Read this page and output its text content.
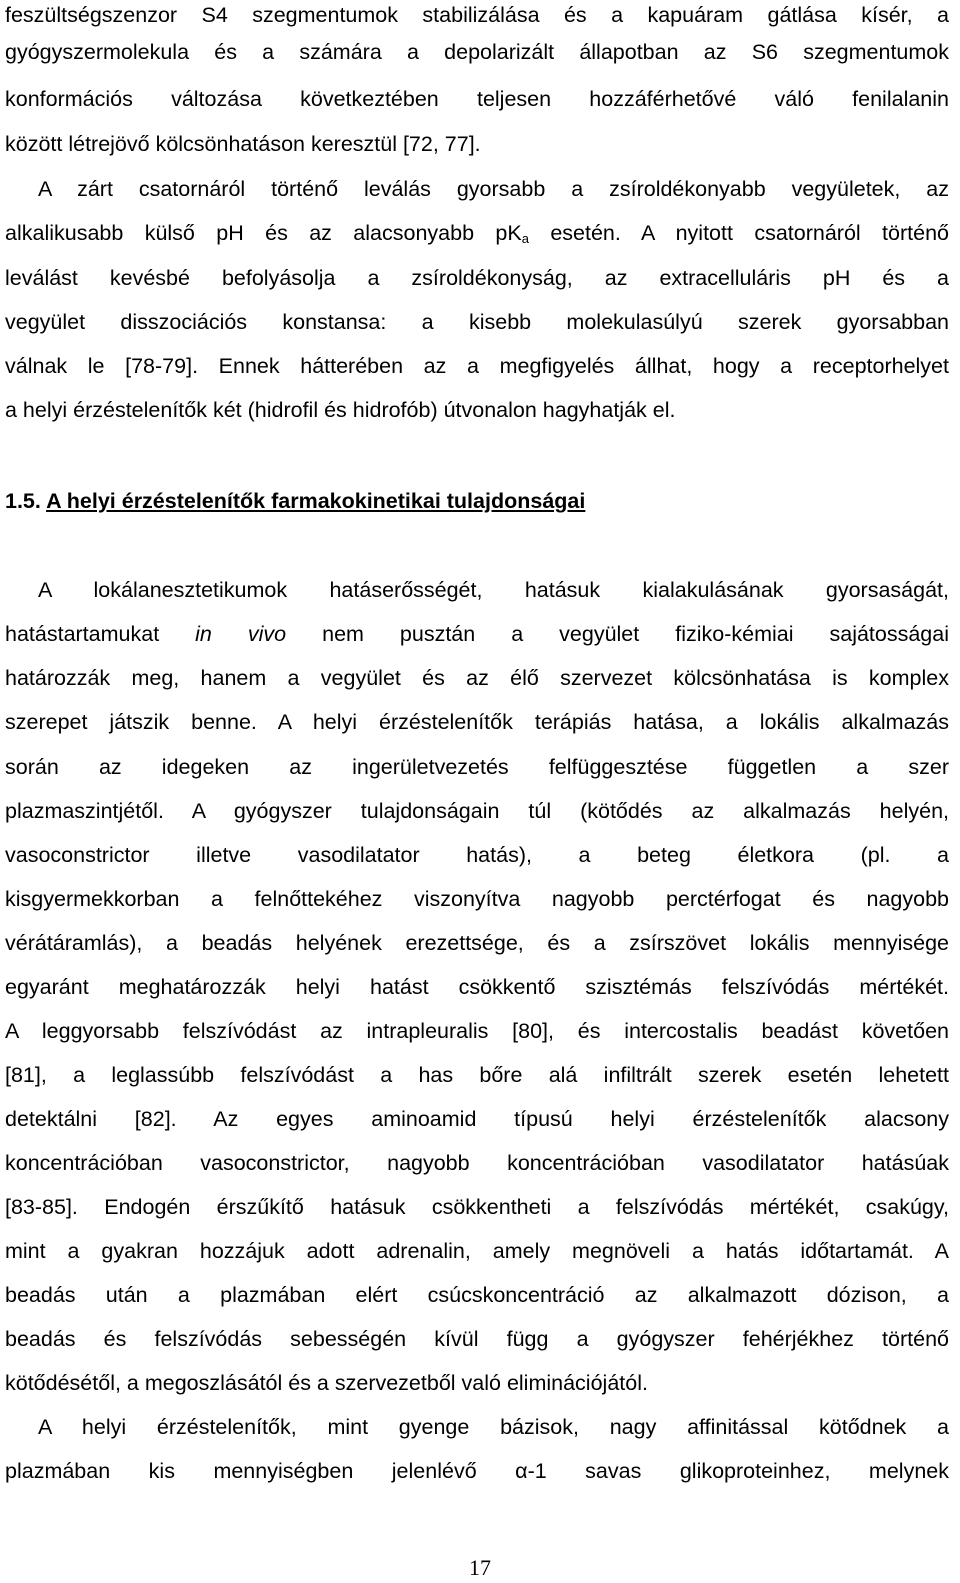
feszültségszenzor S4 szegmentumok stabilizálása és a kapuáram gátlása kísér, a
gyógyszermolekula és a számára a depolarizált állapotban az S6 szegmentumok
konformációs változása következtében teljesen hozzáférhetővé váló fenilalanin
között létrejövő kölcsönhatáson keresztül [72, 77].
A zárt csatornáról történő leválás gyorsabb a zsíroldékonyabb vegyületek, az
alkalikusabb külső pH és az alacsonyabb $pK_a$ esetén. A nyitott csatornáról történő
leválást kevésbé befolyásolja a zsíroldékonyság, az extracelluláris pH és a
vegyület disszociációs konstansa: a kisebb molekulasúlyú szerek gyorsabban
válnak le [78-79]. Ennek hátterében az a megfigyelés állhat, hogy a receptorhelyet
a helyi érzéstelenítők két (hidrofil és hidrofób) útvonalon hagyhatják el.
1.5. A helyi érzéstelenítők farmakokinetikai tulajdonságai
A lokálanesztetikumok hatáserősségét, hatásuk kialakulásának gyorsaságát,
hatástartamukat in vivo nem pusztán a vegyület fiziko-kémiai sajátosságai
határozzák meg, hanem a vegyület és az élő szervezet kölcsönhatása is komplex
szerepet játszik benne. A helyi érzéstelenítők terápiás hatása, a lokális alkalmazás
során az idegeken az ingerületvezetés felfüggesztése független a szer
plazmaszintjétől. A gyógyszer tulajdonságain túl (kötődés az alkalmazás helyén,
vasoconstrictor illetve vasodilatator hatás), a beteg életkora (pl. a
kisgyermekkorban a felnőttekéhez viszonyítva nagyobb perctérfogat és nagyobb
vérátáramlás), a beadás helyének erezettsége, és a zsírszövet lokális mennyisége
egyaránt meghatározzák helyi hatást csökkentő szisztémás felszívódás mértékét.
A leggyorsabb felszívódást az intrapleuralis [80], és intercostalis beadást követően
[81], a leglassúbb felszívódást a has bőre alá infiltrált szerek esetén lehetett
detektálni [82]. Az egyes aminoamid típusú helyi érzéstelenítők alacsony
koncentrációban vasoconstrictor, nagyobb koncentrációban vasodilatator hatásúak
[83-85]. Endogén érszűkítő hatásuk csökkentheti a felszívódás mértékét, csakúgy,
mint a gyakran hozzájuk adott adrenalin, amely megnöveli a hatás időtartamát. A
beadás után a plazmában elért csúcskoncentráció az alkalmazott dózison, a
beadás és felszívódás sebességén kívül függ a gyógyszer fehérjékhez történő
kötődésétől, a megoszlásától és a szervezetből való eliminációjától.
A helyi érzéstelenítők, mint gyenge bázisok, nagy affinitással kötődnek a
plazmában kis mennyiségben jelenlévő α-1 savas glikoproteinhez, melynek
17
